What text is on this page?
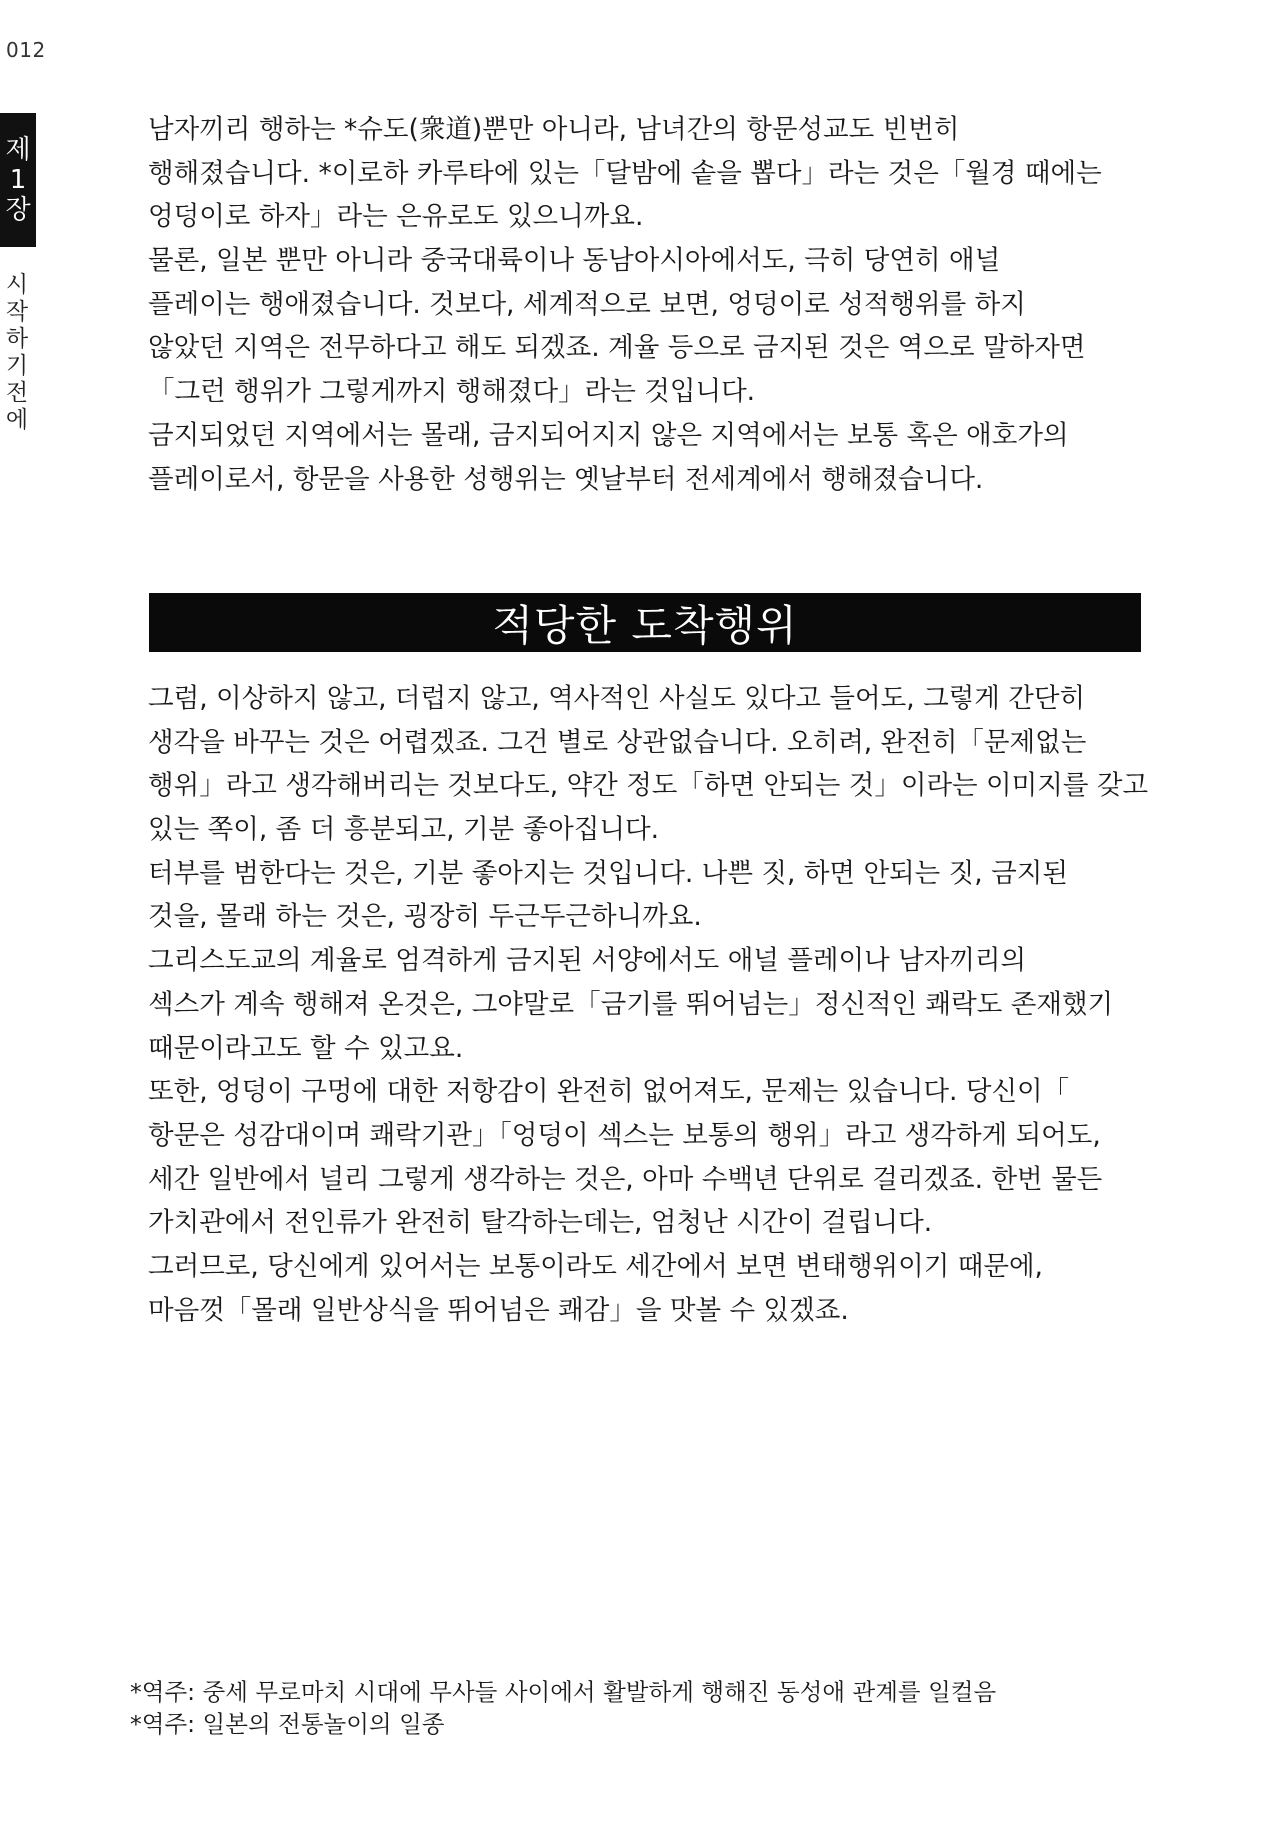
012
제
1
장
시
작
하
기
전
에
남자끼리 행하는 *슈도(衆道)뿐만 아니라, 남녀간의 항문성교도 빈번히
행해졌습니다. *이로하 카루타에 있는「달밤에 솥을 뽑다」라는 것은「월경 때에는
엉덩이로 하자」라는 은유로도 있으니까요.
물론, 일본 뿐만 아니라 중국대륙이나 동남아시아에서도, 극히 당연히 애널
플레이는 행애졌습니다. 것보다, 세계적으로 보면, 엉덩이로 성적행위를 하지
않았던 지역은 전무하다고 해도 되겠죠. 계율 등으로 금지된 것은 역으로 말하자면
「그런 행위가 그렇게까지 행해졌다」라는 것입니다.
금지되었던 지역에서는 몰래, 금지되어지지 않은 지역에서는 보통 혹은 애호가의
플레이로서, 항문을 사용한 성행위는 옛날부터 전세계에서 행해졌습니다.
적당한 도착행위
그럼, 이상하지 않고, 더럽지 않고, 역사적인 사실도 있다고 들어도, 그렇게 간단히
생각을 바꾸는 것은 어렵겠죠. 그건 별로 상관없습니다. 오히려, 완전히「문제없는
행위」라고 생각해버리는 것보다도, 약간 정도「하면 안되는 것」이라는 이미지를 갖고
있는 쪽이, 좀 더 흥분되고, 기분 좋아집니다.
터부를 범한다는 것은, 기분 좋아지는 것입니다. 나쁜 짓, 하면 안되는 짓, 금지된
것을, 몰래 하는 것은, 굉장히 두근두근하니까요.
그리스도교의 계율로 엄격하게 금지된 서양에서도 애널 플레이나 남자끼리의
섹스가 계속 행해져 온것은, 그야말로「금기를 뛰어넘는」정신적인 쾌락도 존재했기
때문이라고도 할 수 있고요.
또한, 엉덩이 구멍에 대한 저항감이 완전히 없어져도, 문제는 있습니다. 당신이「
항문은 성감대이며 쾌락기관」「엉덩이 섹스는 보통의 행위」라고 생각하게 되어도,
세간 일반에서 널리 그렇게 생각하는 것은, 아마 수백년 단위로 걸리겠죠. 한번 물든
가치관에서 전인류가 완전히 탈각하는데는, 엄청난 시간이 걸립니다.
그러므로, 당신에게 있어서는 보통이라도 세간에서 보면 변태행위이기 때문에,
마음껏「몰래 일반상식을 뛰어넘은 쾌감」을 맛볼 수 있겠죠.
*역주: 중세 무로마치 시대에 무사들 사이에서 활발하게 행해진 동성애 관계를 일컬음
*역주: 일본의 전통놀이의 일종
